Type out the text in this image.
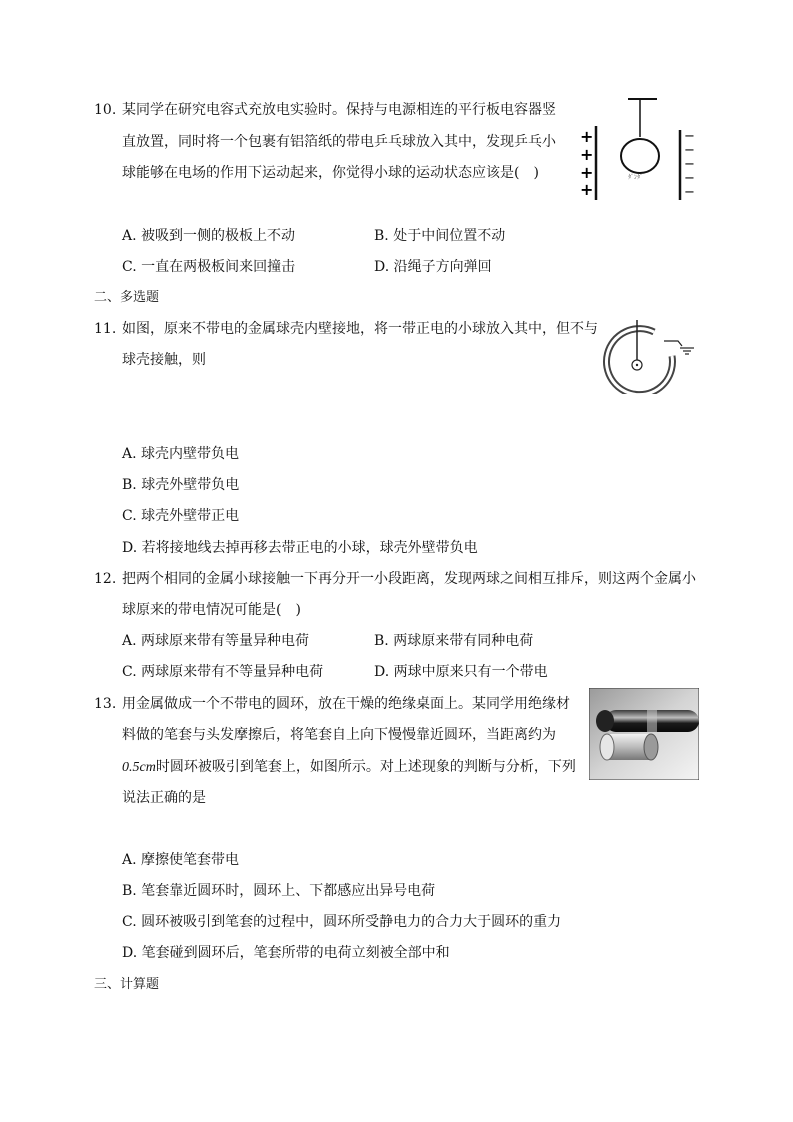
10. 某同学在研究电容式充放电实验时。保持与电源相连的平行板电容器竖
直放置，同时将一个包裹有铝箔纸的带电乒乓球放入其中，发现乒乓小
球能够在电场的作用下运动起来，你觉得小球的运动状态应该是(　)
+
+
+
+
−
−
−
−
−
ﾀﾞﾝﾀﾞ
A. 被吸到一侧的极板上不动	B. 处于中间位置不动
C. 一直在两极板间来回撞击	D. 沿绳子方向弹回
二、多选题
11. 如图，原来不带电的金属球壳内壁接地，将一带正电的小球放入其中，但不与
球壳接触，则
A. 球壳内壁带负电
B. 球壳外壁带负电
C. 球壳外壁带正电
D. 若将接地线去掉再移去带正电的小球，球壳外壁带负电
12. 把两个相同的金属小球接触一下再分开一小段距离，发现两球之间相互排斥，则这两个金属小
球原来的带电情况可能是(　)
A. 两球原来带有等量异种电荷	B. 两球原来带有同种电荷
C. 两球原来带有不等量异种电荷	D. 两球中原来只有一个带电
13. 用金属做成一个不带电的圆环，放在干燥的绝缘桌面上。某同学用绝缘材
料做的笔套与头发摩擦后，将笔套自上向下慢慢靠近圆环，当距离约为
0.5cm时圆环被吸引到笔套上，如图所示。对上述现象的判断与分析，下列
说法正确的是
A. 摩擦使笔套带电
B. 笔套靠近圆环时，圆环上、下都感应出异号电荷
C. 圆环被吸引到笔套的过程中，圆环所受静电力的合力大于圆环的重力
D. 笔套碰到圆环后，笔套所带的电荷立刻被全部中和
三、计算题
